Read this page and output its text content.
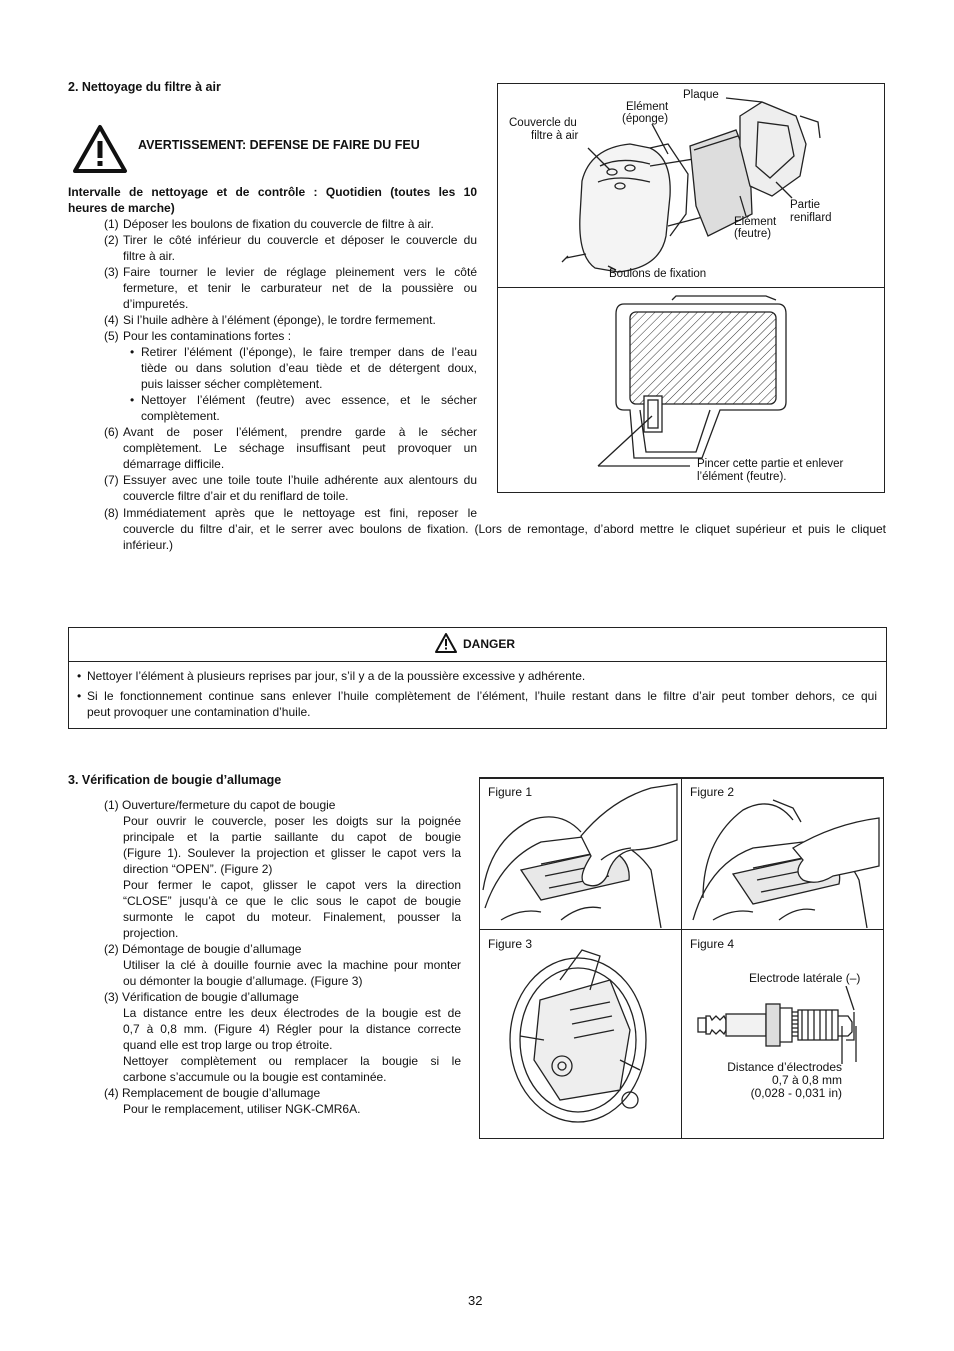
2. Nettoyage du filtre à air
AVERTISSEMENT: DEFENSE DE FAIRE DU FEU
Intervalle de nettoyage et de contrôle : Quotidien (toutes les 10
heures de marche)
(1) Déposer les boulons de fixation du couvercle de filtre à air.
(2) Tirer le côté inférieur du couvercle et déposer le couvercle du
filtre à air.
(3) Faire tourner le levier de réglage pleinement vers le côté
fermeture, et tenir le carburateur net de la poussière ou
d’impuretés.
(4) Si l’huile adhère à l’élément (éponge), le tordre fermement.
(5) Pour les contaminations fortes :
(6) Avant de poser l’élément, prendre garde à le sécher
complètement. Le séchage insuffisant peut provoquer un
démarrage difficile.
(7) Essuyer avec une toile toute l’huile adhérente aux alentours du
couvercle filtre d’air et du reniflard de toile.
(8) Immédiatement après que le nettoyage est fini, reposer le
• Retirer l’élément (l’éponge), le faire tremper dans de l’eau
tiède ou dans solution d’eau tiède et de détergent doux,
puis laisser sécher complètement.
• Nettoyer l’élément (feutre) avec essence, et le sécher
complètement.
Plaque
Elément
(éponge)
Couvercle du
filtre à air
Partie
reniflard
Elément
(feutre)
Boulons de fixation
Pincer cette partie et enlever
l’élément (feutre).
couvercle du filtre d’air, et le serrer avec boulons de fixation. (Lors de remontage, d’abord mettre le cliquet supérieur et puis le cliquet
inférieur.)
DANGER
• Nettoyer l’élément à plusieurs reprises par jour, s’il y a de la poussière excessive y adhérente.
• Si le fonctionnement continue sans enlever l’huile complètement de l’élément, l’huile restant dans le filtre d’air peut tomber dehors, ce qui
peut provoquer une contamination d’huile.
3. Vérification de bougie d’allumage
(1) Ouverture/fermeture du capot de bougie
Pour ouvrir le couvercle, poser les doigts sur la poignée
principale et la partie saillante du capot de bougie
(Figure 1). Soulever la projection et glisser le capot vers la
direction “OPEN”. (Figure 2)
Pour fermer le capot, glisser le capot vers la direction
“CLOSE” jusqu’à ce que le clic sous le capot de bougie
surmonte le capot du moteur. Finalement, pousser la
projection.
(2) Démontage de bougie d’allumage
Utiliser la clé à douille fournie avec la machine pour monter
ou démonter la bougie d’allumage. (Figure 3)
(3) Vérification de bougie d’allumage
La distance entre les deux électrodes de la bougie est de
0,7 à 0,8 mm. (Figure 4) Régler pour la distance correcte
quand elle est trop large ou trop étroite.
Nettoyer complètement ou remplacer la bougie si le
carbone s’accumule ou la bougie est contaminée.
(4) Remplacement de bougie d’allumage
Pour le remplacement, utiliser NGK-CMR6A.
Figure 1	Figure 2
Figure 3	Figure 4
Electrode latérale (–)
Distance d’électrodes
0,7 à 0,8 mm
(0,028 - 0,031 in)
32
